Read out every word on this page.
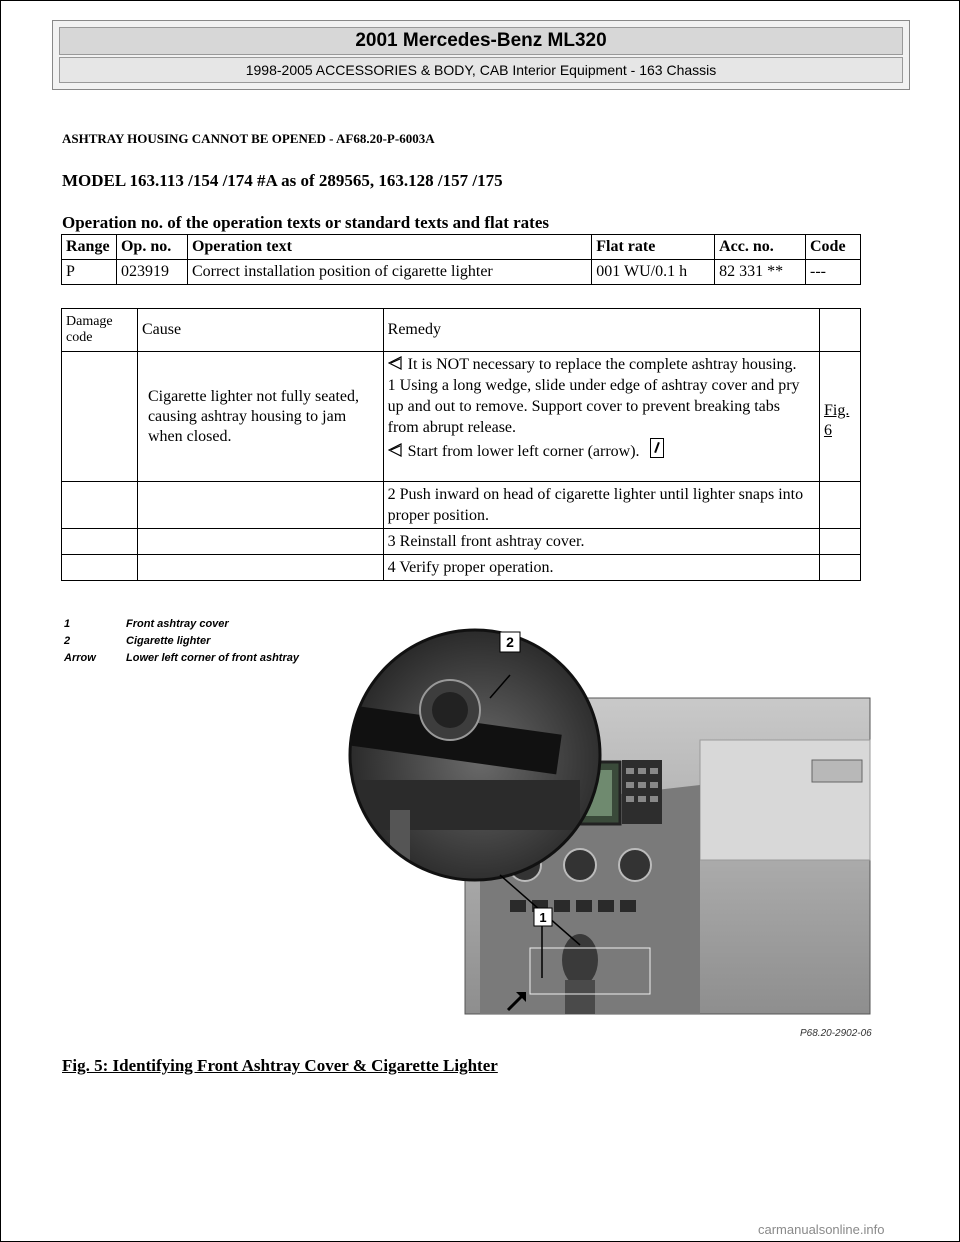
2001 Mercedes-Benz ML320
1998-2005 ACCESSORIES & BODY, CAB Interior Equipment - 163 Chassis
ASHTRAY HOUSING CANNOT BE OPENED - AF68.20-P-6003A
MODEL 163.113 /154 /174 #A as of 289565, 163.128 /157 /175
Operation no. of the operation texts or standard texts and flat rates
Range	Op. no.	Operation text	Flat rate	Acc. no.	Code
P	023919	Correct installation position of cigarette lighter	001 WU/0.1 h	82 331 **	---
Damage code	Cause	Remedy	
	Cigarette lighter not fully seated, causing ashtray housing to jam when closed.	It is NOT necessary to replace the complete ashtray housing.
1 Using a long wedge, slide under edge of ashtray cover and pry up and out to remove. Support cover to prevent breaking tabs from abrupt release.
Start from lower left corner (arrow).	Fig. 6
		2 Push inward on head of cigarette lighter until lighter snaps into proper position.	
		3 Reinstall front ashtray cover.	
		4 Verify proper operation.	
1	Front ashtray cover
2	Cigarette lighter
Arrow	Lower left corner of front ashtray
2
1
P68.20-2902-06
Fig. 5: Identifying Front Ashtray Cover & Cigarette Lighter
carmanualsonline.info
